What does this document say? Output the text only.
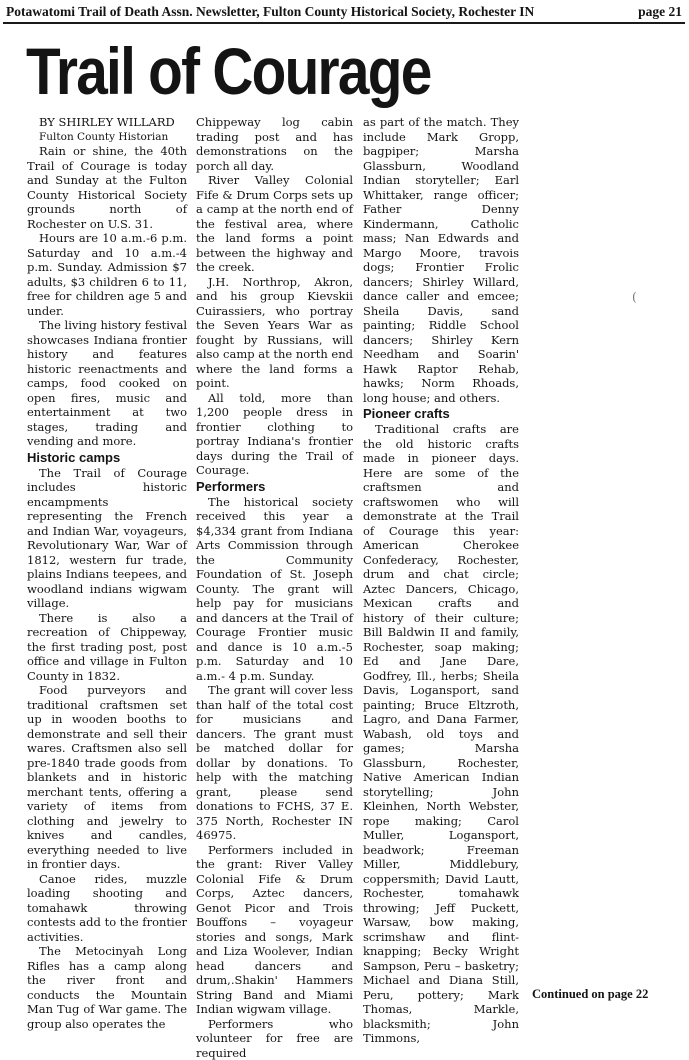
Potawatomi Trail of Death Assn. Newsletter, Fulton County Historical Society, Rochester IN	page 21
Trail of Courage

BY SHIRLEY WILLARD

Fulton County Historian

Rain or shine, the 40th Trail of Courage is today and Sunday at the Fulton County Historical Society grounds north of Rochester on U.S. 31.

Hours are 10 a.m.-6 p.m. Saturday and 10 a.m.-4 p.m. Sunday. Admission $7 adults, $3 children 6 to 11, free for children age 5 and under.

The living history festival showcases Indiana frontier history and features historic reenactments and camps, food cooked on open fires, music and entertainment at two stages, trading and vending and more.

Historic camps

The Trail of Courage includes historic encampments representing the French and Indian War, voyageurs, Revolutionary War, War of 1812, western fur trade, plains Indians teepees, and woodland indians wigwam village.

There is also a recreation of Chippeway, the first trading post, post office and village in Fulton County in 1832.

Food purveyors and traditional craftsmen set up in wooden booths to demonstrate and sell their wares. Craftsmen also sell pre-1840 trade goods from blankets and in historic merchant tents, offering a variety of items from clothing and jewelry to knives and candles, everything needed to live in frontier days.

Canoe rides, muzzle loading shooting and tomahawk throwing contests add to the frontier activities.

The Metocinyah Long Rifles has a camp along the river front and conducts the Mountain Man Tug of War game. The group also operates the

Chippeway log cabin trading post and has demonstrations on the porch all day.

River Valley Colonial Fife & Drum Corps sets up a camp at the north end of the festival area, where the land forms a point between the highway and the creek.

J.H. Northrop, Akron, and his group Kievskii Cuirassiers, who portray the Seven Years War as fought by Russians, will also camp at the north end where the land forms a point.

All told, more than 1,200 people dress in frontier clothing to portray Indiana's frontier days during the Trail of Courage.

Performers

The historical society received this year a $4,334 grant from Indiana Arts Commission through the Community Foundation of St. Joseph County. The grant will help pay for musicians and dancers at the Trail of Courage Frontier music and dance is 10 a.m.-5 p.m. Saturday and 10 a.m.- 4 p.m. Sunday.

The grant will cover less than half of the total cost for musicians and dancers. The grant must be matched dollar for dollar by donations. To help with the matching grant, please send donations to FCHS, 37 E. 375 North, Rochester IN 46975.

Performers included in the grant: River Valley Colonial Fife & Drum Corps, Aztec dancers, Genot Picor and Trois Bouffons – voyageur stories and songs, Mark and Liza Woolever, Indian head dancers and drum,.Shakin' Hammers String Band and Miami Indian wigwam village.

Performers who volunteer for free are required

as part of the match. They include Mark Gropp, bagpiper; Marsha Glassburn, Woodland Indian storyteller; Earl Whittaker, range officer; Father Denny Kindermann, Catholic mass; Nan Edwards and Margo Moore, travois dogs; Frontier Frolic dancers; Shirley Willard, dance caller and emcee; Sheila Davis, sand painting; Riddle School dancers; Shirley Kern Needham and Soarin' Hawk Raptor Rehab, hawks; Norm Rhoads, long house; and others.

Pioneer crafts

Traditional crafts are the old historic crafts made in pioneer days. Here are some of the craftsmen and craftswomen who will demonstrate at the Trail of Courage this year: American Cherokee Confederacy, Rochester, drum and chat circle; Aztec Dancers, Chicago, Mexican crafts and history of their culture; Bill Baldwin II and family, Rochester, soap making; Ed and Jane Dare, Godfrey, Ill., herbs; Sheila Davis, Logansport, sand painting; Bruce Eltzroth, Lagro, and Dana Farmer, Wabash, old toys and games; Marsha Glassburn, Rochester, Native American Indian storytelling; John Kleinhen, North Webster, rope making; Carol Muller, Logansport, beadwork; Freeman Miller, Middlebury, coppersmith; David Lautt, Rochester, tomahawk throwing; Jeff Puckett, Warsaw, bow making, scrimshaw and flint-knapping; Becky Wright Sampson, Peru – basketry; Michael and Diana Still, Peru, pottery; Mark Thomas, Markle, blacksmith; John Timmons,

(
Continued on page 22
